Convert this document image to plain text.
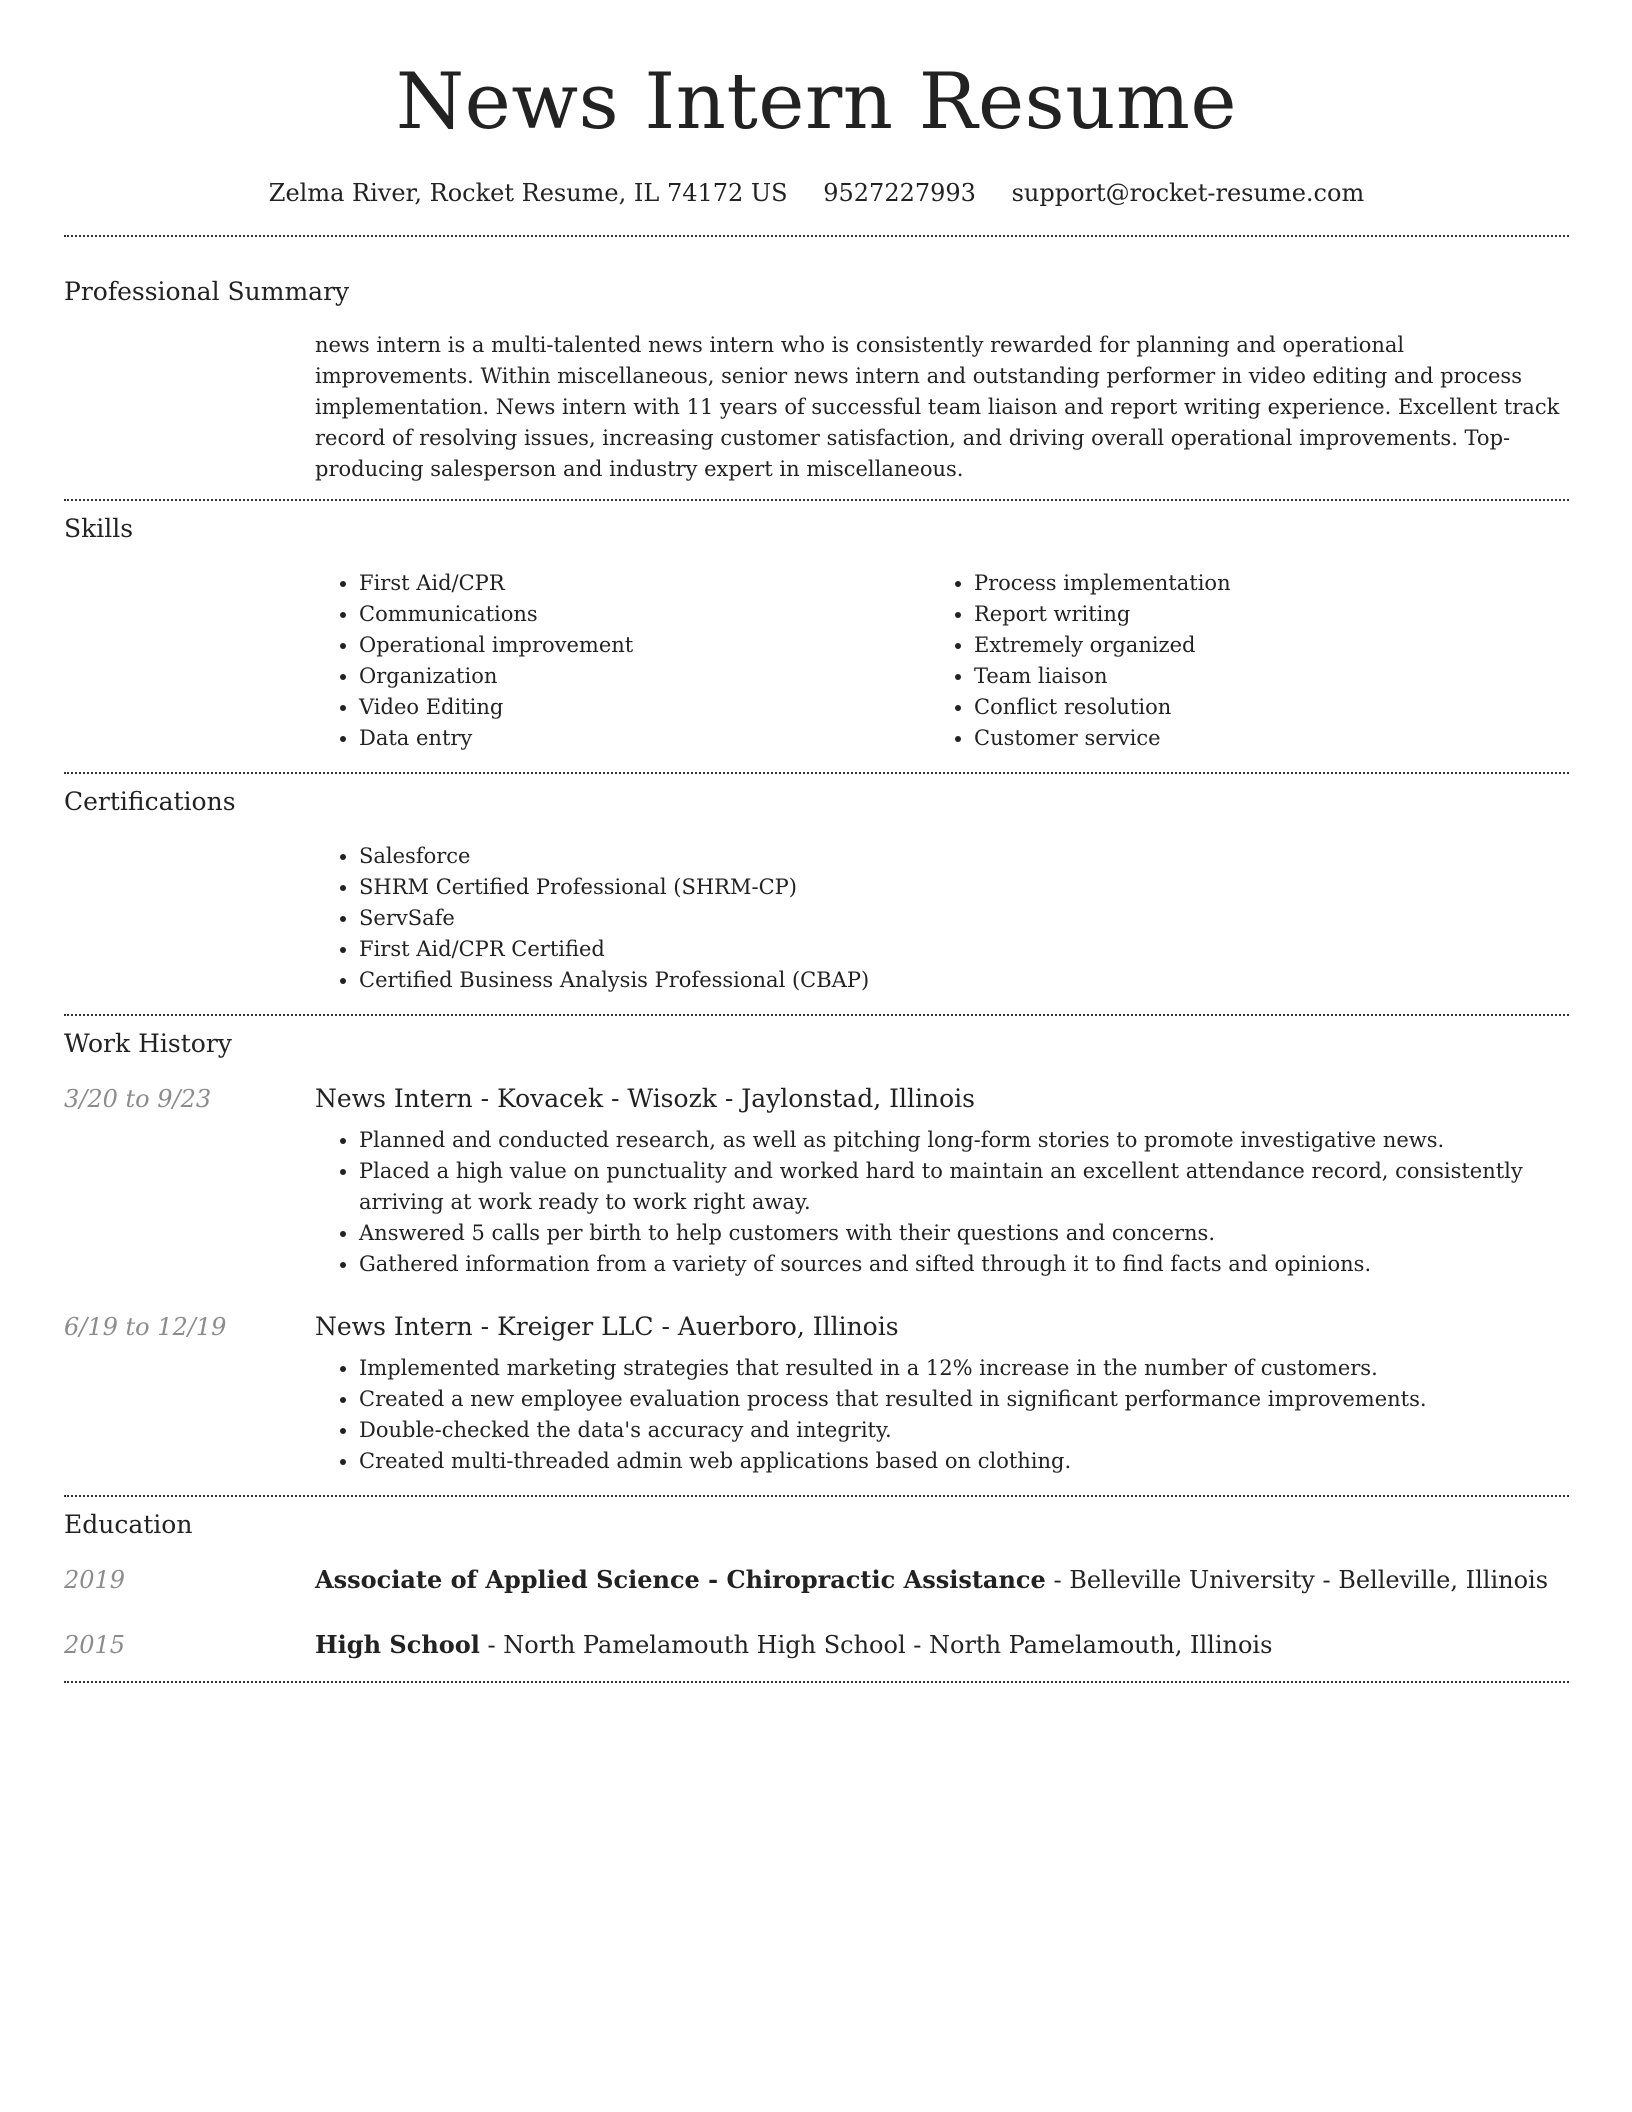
News Intern Resume
Zelma River, Rocket Resume, IL 74172 US 9527227993 support@rocket-resume.com
Professional Summary

news intern is a multi-talented news intern who is consistently rewarded for planning and operational improvements. Within miscellaneous, senior news intern and outstanding performer in video editing and process implementation. News intern with 11 years of successful team liaison and report writing experience. Excellent track record of resolving issues, increasing customer satisfaction, and driving overall operational improvements. Top-producing salesperson and industry expert in miscellaneous.

Skills
• First Aid/CPR
• Communications
• Operational improvement
• Organization
• Video Editing
• Data entry
• Process implementation
• Report writing
• Extremely organized
• Team liaison
• Conflict resolution
• Customer service
Certifications
• Salesforce
• SHRM Certified Professional (SHRM-CP)
• ServSafe
• First Aid/CPR Certified
• Certified Business Analysis Professional (CBAP)
Work History
3/20 to 9/23	News Intern - Kovacek - Wisozk - Jaylonstad, Illinois
• Planned and conducted research, as well as pitching long-form stories to promote investigative news.
• Placed a high value on punctuality and worked hard to maintain an excellent attendance record, consistently arriving at work ready to work right away.
• Answered 5 calls per birth to help customers with their questions and concerns.
• Gathered information from a variety of sources and sifted through it to find facts and opinions.
6/19 to 12/19	News Intern - Kreiger LLC - Auerboro, Illinois
• Implemented marketing strategies that resulted in a 12% increase in the number of customers.
• Created a new employee evaluation process that resulted in significant performance improvements.
• Double-checked the data's accuracy and integrity.
• Created multi-threaded admin web applications based on clothing.
Education
2019	Associate of Applied Science - Chiropractic Assistance - Belleville University - Belleville, Illinois
2015	High School - North Pamelamouth High School - North Pamelamouth, Illinois
